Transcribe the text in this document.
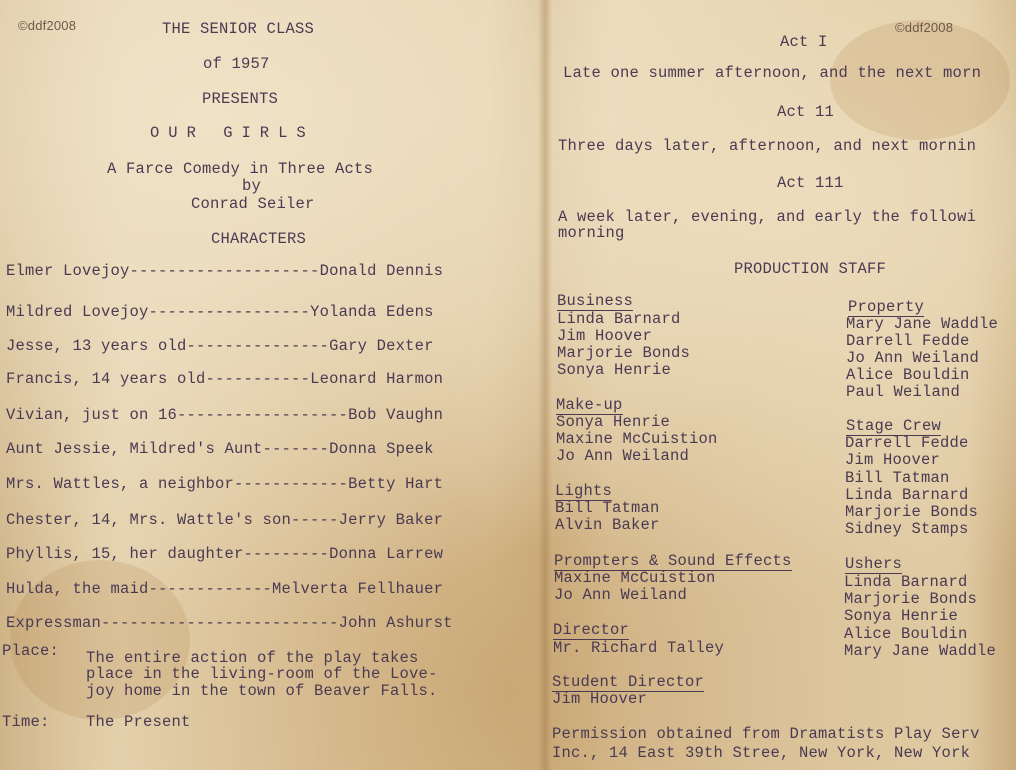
©ddf2008	©ddf2008
THE SENIOR CLASS
of 1957
PRESENTS
OUR GIRLS
A Farce Comedy in Three Acts
by
Conrad Seiler
CHARACTERS
Elmer Lovejoy--------------------Donald Dennis
Mildred Lovejoy-----------------Yolanda Edens
Jesse, 13 years old---------------Gary Dexter
Francis, 14 years old-----------Leonard Harmon
Vivian, just on 16------------------Bob Vaughn
Aunt Jessie, Mildred's Aunt-------Donna Speek
Mrs. Wattles, a neighbor------------Betty Hart
Chester, 14, Mrs. Wattle's son-----Jerry Baker
Phyllis, 15, her daughter---------Donna Larrew
Hulda, the maid-------------Melverta Fellhauer
Expressman-------------------------John Ashurst
Place: The entire action of the play takes
place in the living-room of the Love-
joy home in the town of Beaver Falls.
Time: The Present
Act I
Late one summer afternoon, and the next morn
Act 11
Three days later, afternoon, and next mornin
Act 111
A week later, evening, and early the followi
morning
PRODUCTION STAFF
Business
Linda Barnard
Jim Hoover
Marjorie Bonds
Sonya Henrie
Make-up
Sonya Henrie
Maxine McCuistion
Jo Ann Weiland
Lights
Bill Tatman
Alvin Baker
Prompters & Sound Effects
Maxine McCuistion
Jo Ann Weiland
Director
Mr. Richard Talley
Student Director
Jim Hoover
Property
Mary Jane Waddle
Darrell Fedde
Jo Ann Weiland
Alice Bouldin
Paul Weiland
Stage Crew
Darrell Fedde
Jim Hoover
Bill Tatman
Linda Barnard
Marjorie Bonds
Sidney Stamps
Ushers
Linda Barnard
Marjorie Bonds
Sonya Henrie
Alice Bouldin
Mary Jane Waddle
Permission obtained from Dramatists Play Serv
Inc., 14 East 39th Stree, New York, New York
